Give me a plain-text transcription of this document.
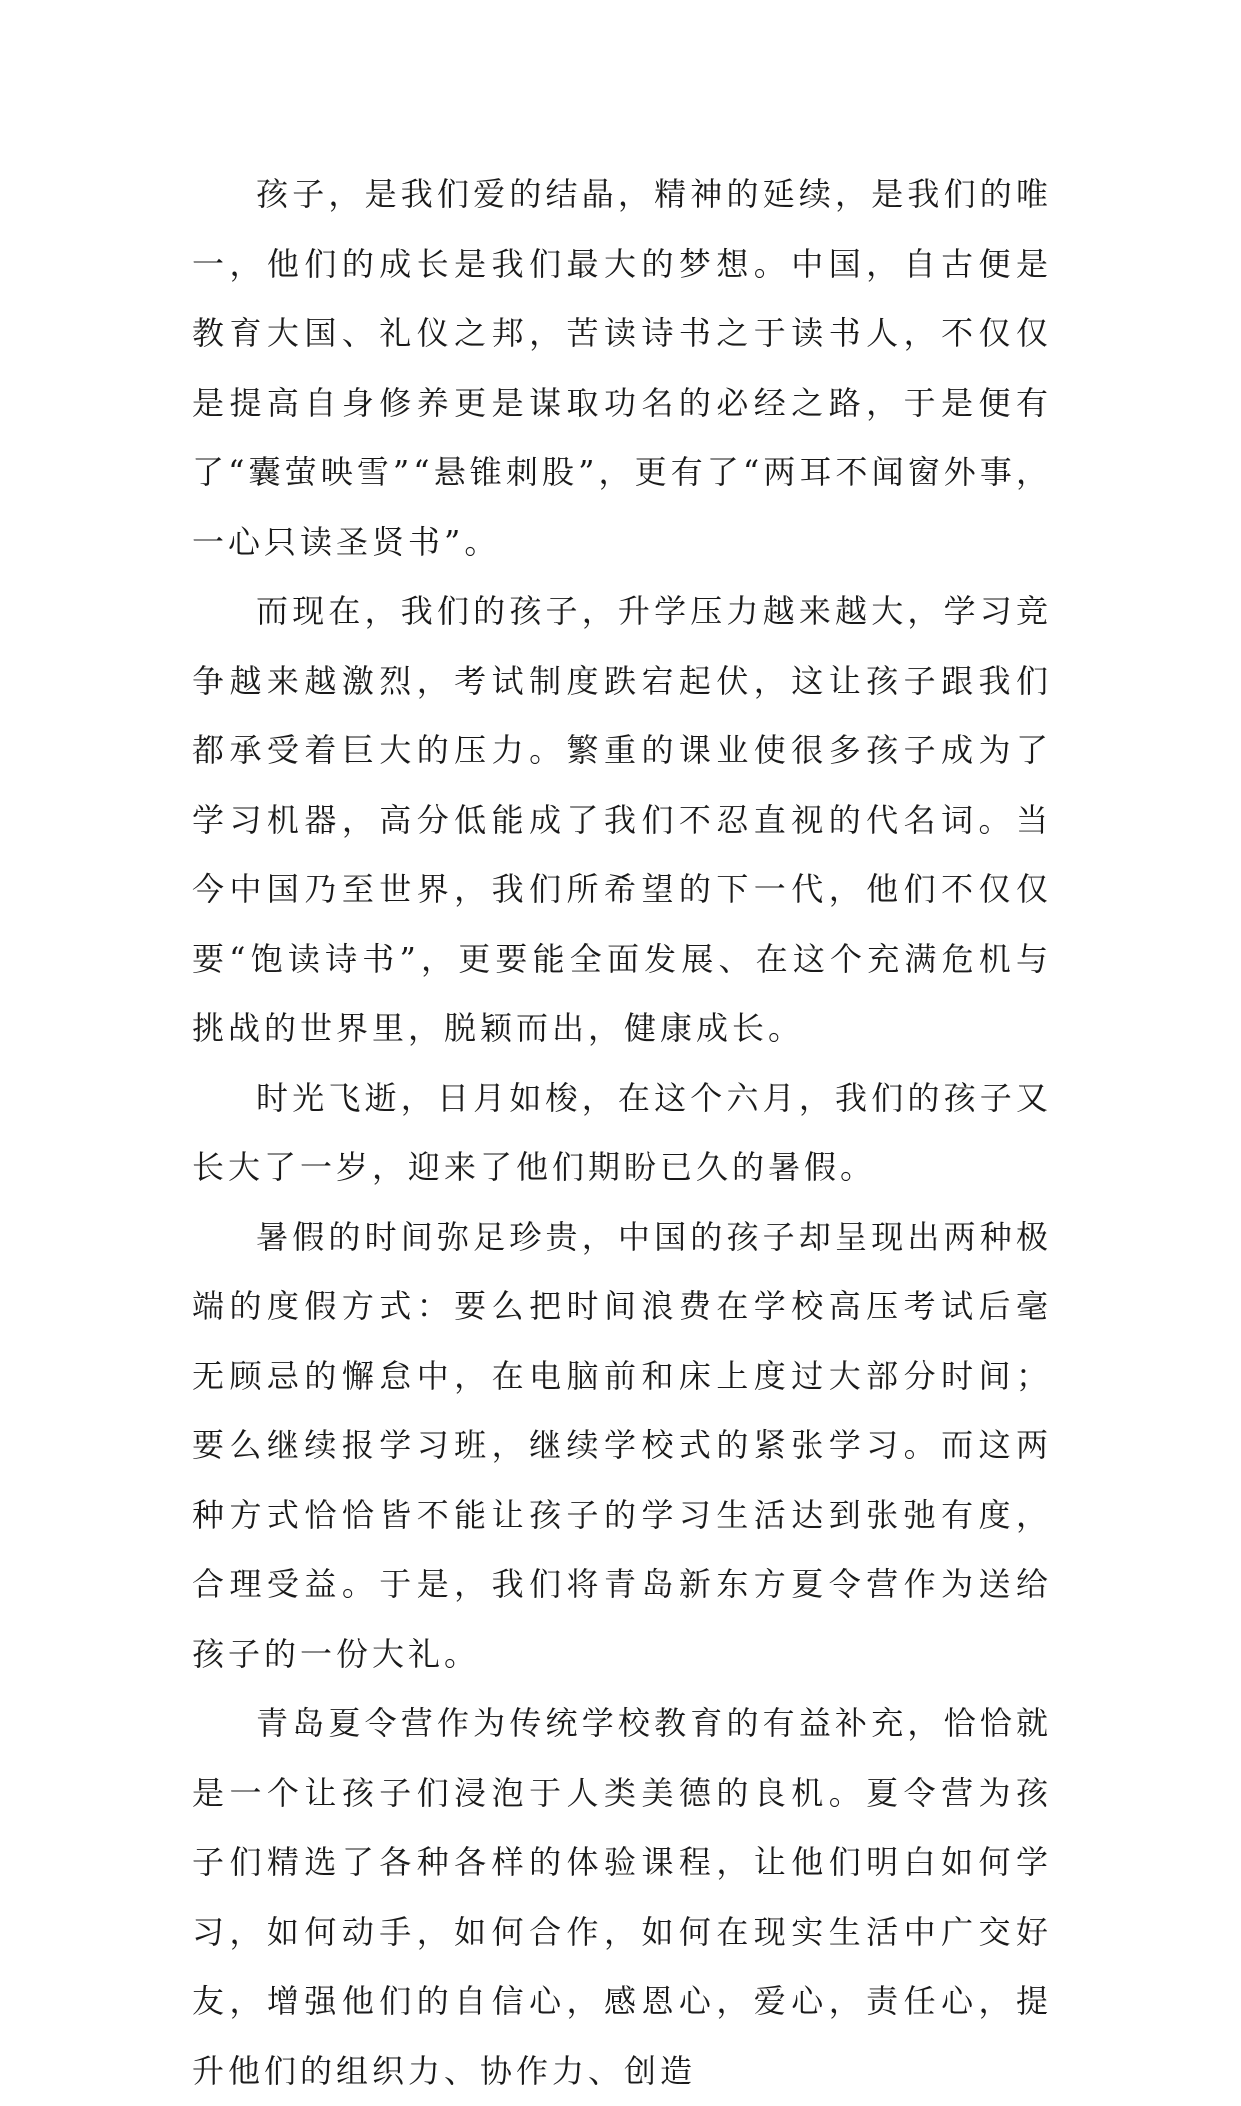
孩子，是我们爱的结晶，精神的延续，是我们的唯一，他们的成长是我们最大的梦想。中国，自古便是教育大国、礼仪之邦，苦读诗书之于读书人，不仅仅是提高自身修养更是谋取功名的必经之路，于是便有了“囊萤映雪”“悬锥刺股”，更有了“两耳不闻窗外事，一心只读圣贤书”。

而现在，我们的孩子，升学压力越来越大，学习竞争越来越激烈，考试制度跌宕起伏，这让孩子跟我们都承受着巨大的压力。繁重的课业使很多孩子成为了学习机器，高分低能成了我们不忍直视的代名词。当今中国乃至世界，我们所希望的下一代，他们不仅仅要“饱读诗书”，更要能全面发展、在这个充满危机与挑战的世界里，脱颖而出，健康成长。

时光飞逝，日月如梭，在这个六月，我们的孩子又长大了一岁，迎来了他们期盼已久的暑假。

暑假的时间弥足珍贵，中国的孩子却呈现出两种极端的度假方式：要么把时间浪费在学校高压考试后毫无顾忌的懈怠中，在电脑前和床上度过大部分时间；要么继续报学习班，继续学校式的紧张学习。而这两种方式恰恰皆不能让孩子的学习生活达到张弛有度，合理受益。于是，我们将青岛新东方夏令营作为送给孩子的一份大礼。

青岛夏令营作为传统学校教育的有益补充，恰恰就是一个让孩子们浸泡于人类美德的良机。夏令营为孩子们精选了各种各样的体验课程，让他们明白如何学习，如何动手，如何合作，如何在现实生活中广交好友，增强他们的自信心，感恩心，爱心，责任心，提升他们的组织力、协作力、创造
